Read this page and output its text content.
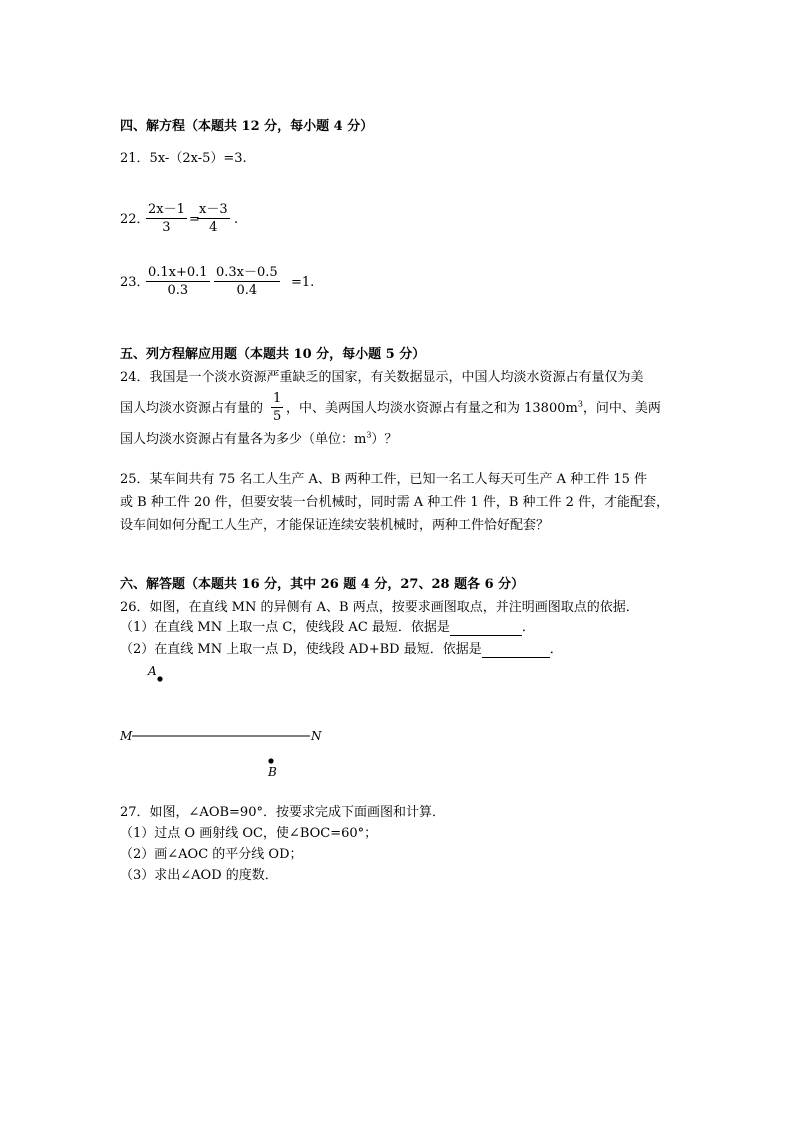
四、解方程（本题共 12 分，每小题 4 分）
21．5x-（2x-5）=3.
22．
2x－1
3
=
x－3
4
.
23．
0.1x+0.1
0.3
0.3x－0.5
0.4
=1.
五、列方程解应用题（本题共 10 分，每小题 5 分）
24．我国是一个淡水资源严重缺乏的国家，有关数据显示，中国人均淡水资源占有量仅为美
国人均淡水资源占有量的
1
5
，中、美两国人均淡水资源占有量之和为 $13800m^3$，问中、美两
国人均淡水资源占有量各为多少（单位：$m^3$）？
25．某车间共有 75 名工人生产 A、B 两种工件，已知一名工人每天可生产 A 种工件 15 件
或 B 种工件 20 件，但要安装一台机械时，同时需 A 种工件 1 件，B 种工件 2 件，才能配套，
设车间如何分配工人生产，才能保证连续安装机械时，两种工件恰好配套？
六、解答题（本题共 16 分，其中 26 题 4 分，27、28 题各 6 分）
26．如图，在直线 MN 的异侧有 A、B 两点，按要求画图取点，并注明画图取点的依据．
（1）在直线 MN 上取一点 C，使线段 AC 最短．依据是	．
（2）在直线 MN 上取一点 D，使线段 AD+BD 最短．依据是	．
A
M	N
B
27．如图，∠AOB=90°．按要求完成下面画图和计算．
（1）过点 O 画射线 OC，使∠BOC=60°；
（2）画∠AOC 的平分线 OD；
（3）求出∠AOD 的度数．
